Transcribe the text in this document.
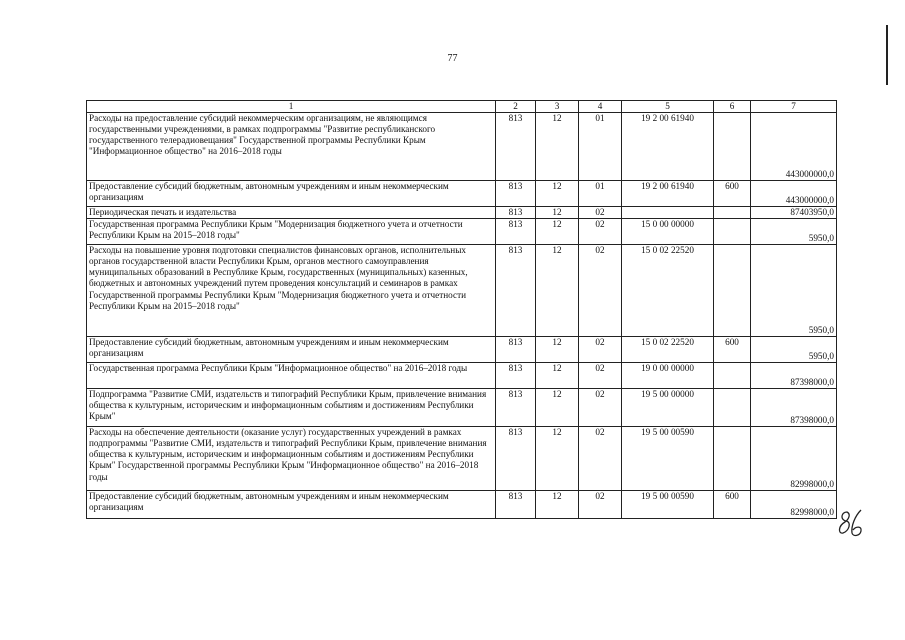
77
1	2	3	4	5	6	7
Расходы на предоставление субсидий некоммерческим организациям, не являющимся государственными учреждениями, в рамках подпрограммы "Развитие республиканского государственного телерадиовещания" Государственной программы Республики Крым "Информационное общество" на 2016–2018 годы	813	12	01	19 2 00 61940		443000000,0
Предоставление субсидий бюджетным, автономным учреждениям и иным некоммерческим организациям	813	12	01	19 2 00 61940	600	443000000,0
Периодическая печать и издательства	813	12	02			87403950,0
Государственная программа Республики Крым "Модернизация бюджетного учета и отчетности Республики Крым на 2015–2018 годы"	813	12	02	15 0 00 00000		5950,0
Расходы на повышение уровня подготовки специалистов финансовых органов, исполнительных органов государственной власти Республики Крым, органов местного самоуправления муниципальных образований в Республике Крым, государственных (муниципальных) казенных, бюджетных и автономных учреждений путем проведения консультаций и семинаров в рамках Государственной программы Республики Крым "Модернизация бюджетного учета и отчетности Республики Крым на 2015–2018 годы"	813	12	02	15 0 02 22520		5950,0
Предоставление субсидий бюджетным, автономным учреждениям и иным некоммерческим организациям	813	12	02	15 0 02 22520	600	5950,0
Государственная программа Республики Крым "Информационное общество" на 2016–2018 годы	813	12	02	19 0 00 00000		87398000,0
Подпрограмма "Развитие СМИ, издательств и типографий Республики Крым, привлечение внимания общества к культурным, историческим и информационным событиям и достижениям Республики Крым"	813	12	02	19 5 00 00000		87398000,0
Расходы на обеспечение деятельности (оказание услуг) государственных учреждений в рамках подпрограммы "Развитие СМИ, издательств и типографий Республики Крым, привлечение внимания общества к культурным, историческим и информационным событиям и достижениям Республики Крым" Государственной программы Республики Крым "Информационное общество" на 2016–2018 годы	813	12	02	19 5 00 00590		82998000,0
Предоставление субсидий бюджетным, автономным учреждениям и иным некоммерческим организациям	813	12	02	19 5 00 00590	600	82998000,0
